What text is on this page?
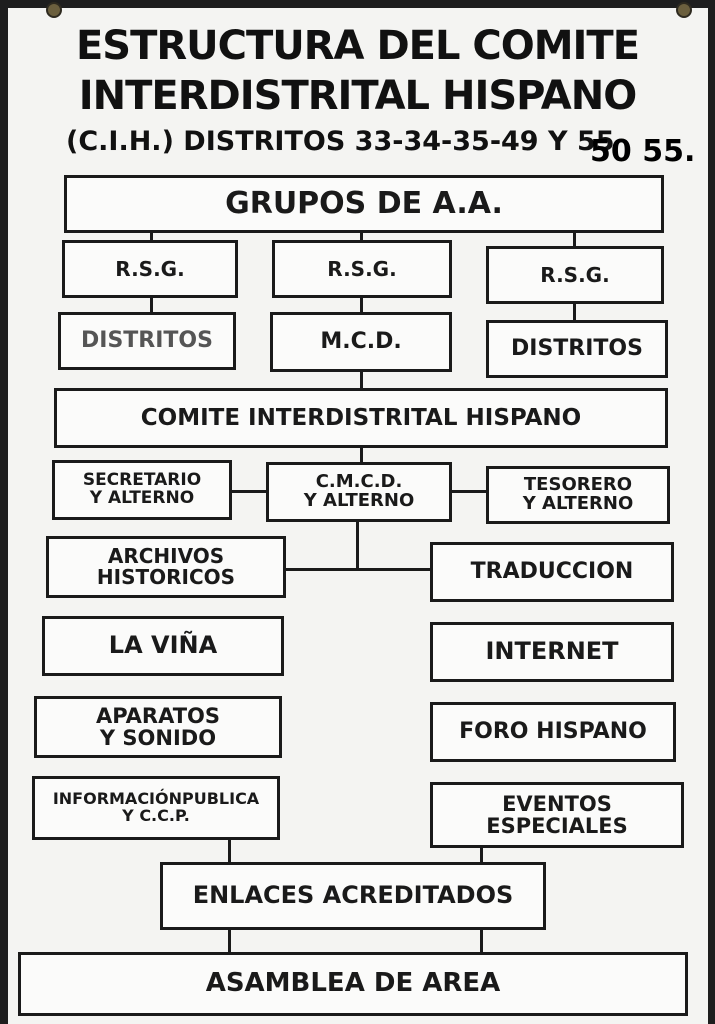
ESTRUCTURA DEL COMITE
INTERDISTRITAL HISPANO
(C.I.H.) DISTRITOS 33-34-35-49 Y 55
50 55.
GRUPOS DE A.A.
R.S.G.	R.S.G.	R.S.G.
DISTRITOS	M.C.D.	DISTRITOS
COMITE INTERDISTRITAL HISPANO
SECRETARIO
Y ALTERNO
C.M.C.D.
Y ALTERNO
TESORERO
Y ALTERNO
ARCHIVOS
HISTORICOS	TRADUCCION
LA VIÑA	INTERNET
APARATOS
Y SONIDO	FORO HISPANO
INFORMACIÓNPUBLICA
Y C.C.P.	EVENTOS
ESPECIALES
ENLACES ACREDITADOS
ASAMBLEA DE AREA
